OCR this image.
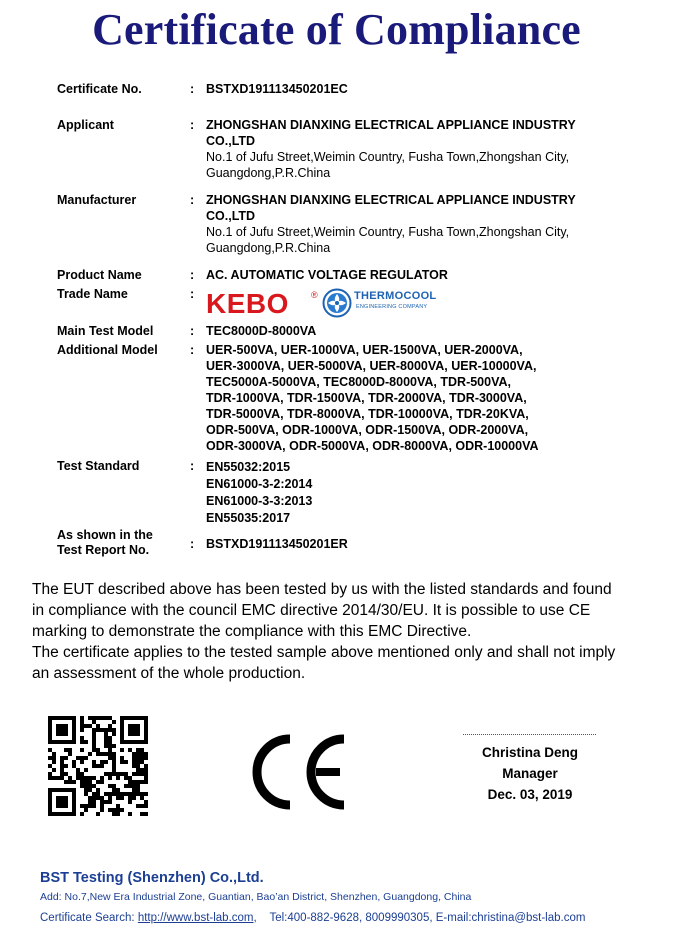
Certificate of Compliance
Certificate No.	: BSTXD191113450201EC
Applicant	: ZHONGSHAN DIANXING ELECTRICAL APPLIANCE INDUSTRY
CO.,LTD
No.1 of Jufu Street,Weimin Country, Fusha Town,Zhongshan City,
Guangdong,P.R.China
Manufacturer	: ZHONGSHAN DIANXING ELECTRICAL APPLIANCE INDUSTRY
CO.,LTD
No.1 of Jufu Street,Weimin Country, Fusha Town,Zhongshan City,
Guangdong,P.R.China
Product Name	: AC. AUTOMATIC VOLTAGE REGULATOR
Trade Name	: KEBO ®	THERMOCOOL
ENGINEERING COMPANY
Main Test Model	: TEC8000D-8000VA
Additional Model	: UER-500VA, UER-1000VA, UER-1500VA, UER-2000VA,
UER-3000VA, UER-5000VA, UER-8000VA, UER-10000VA,
TEC5000A-5000VA, TEC8000D-8000VA, TDR-500VA,
TDR-1000VA, TDR-1500VA, TDR-2000VA, TDR-3000VA,
TDR-5000VA, TDR-8000VA, TDR-10000VA, TDR-20KVA,
ODR-500VA, ODR-1000VA, ODR-1500VA, ODR-2000VA,
ODR-3000VA, ODR-5000VA, ODR-8000VA, ODR-10000VA
Test Standard	: EN55032:2015
EN61000-3-2:2014
EN61000-3-3:2013
EN55035:2017
As shown in the
Test Report No.	: BSTXD191113450201ER
The EUT described above has been tested by us with the listed standards and found
in compliance with the council EMC directive 2014/30/EU. It is possible to use CE
marking to demonstrate the compliance with this EMC Directive.
The certificate applies to the tested sample above mentioned only and shall not imply
an assessment of the whole production.
Christina Deng
Manager
Dec. 03, 2019
BST Testing (Shenzhen) Co.,Ltd.
Add: No.7,New Era Industrial Zone, Guantian, Bao’an District, Shenzhen, Guangdong, China
Certificate Search: http://www.bst-lab.com, Tel:400-882-9628, 8009990305, E-mail:christina@bst-lab.com
